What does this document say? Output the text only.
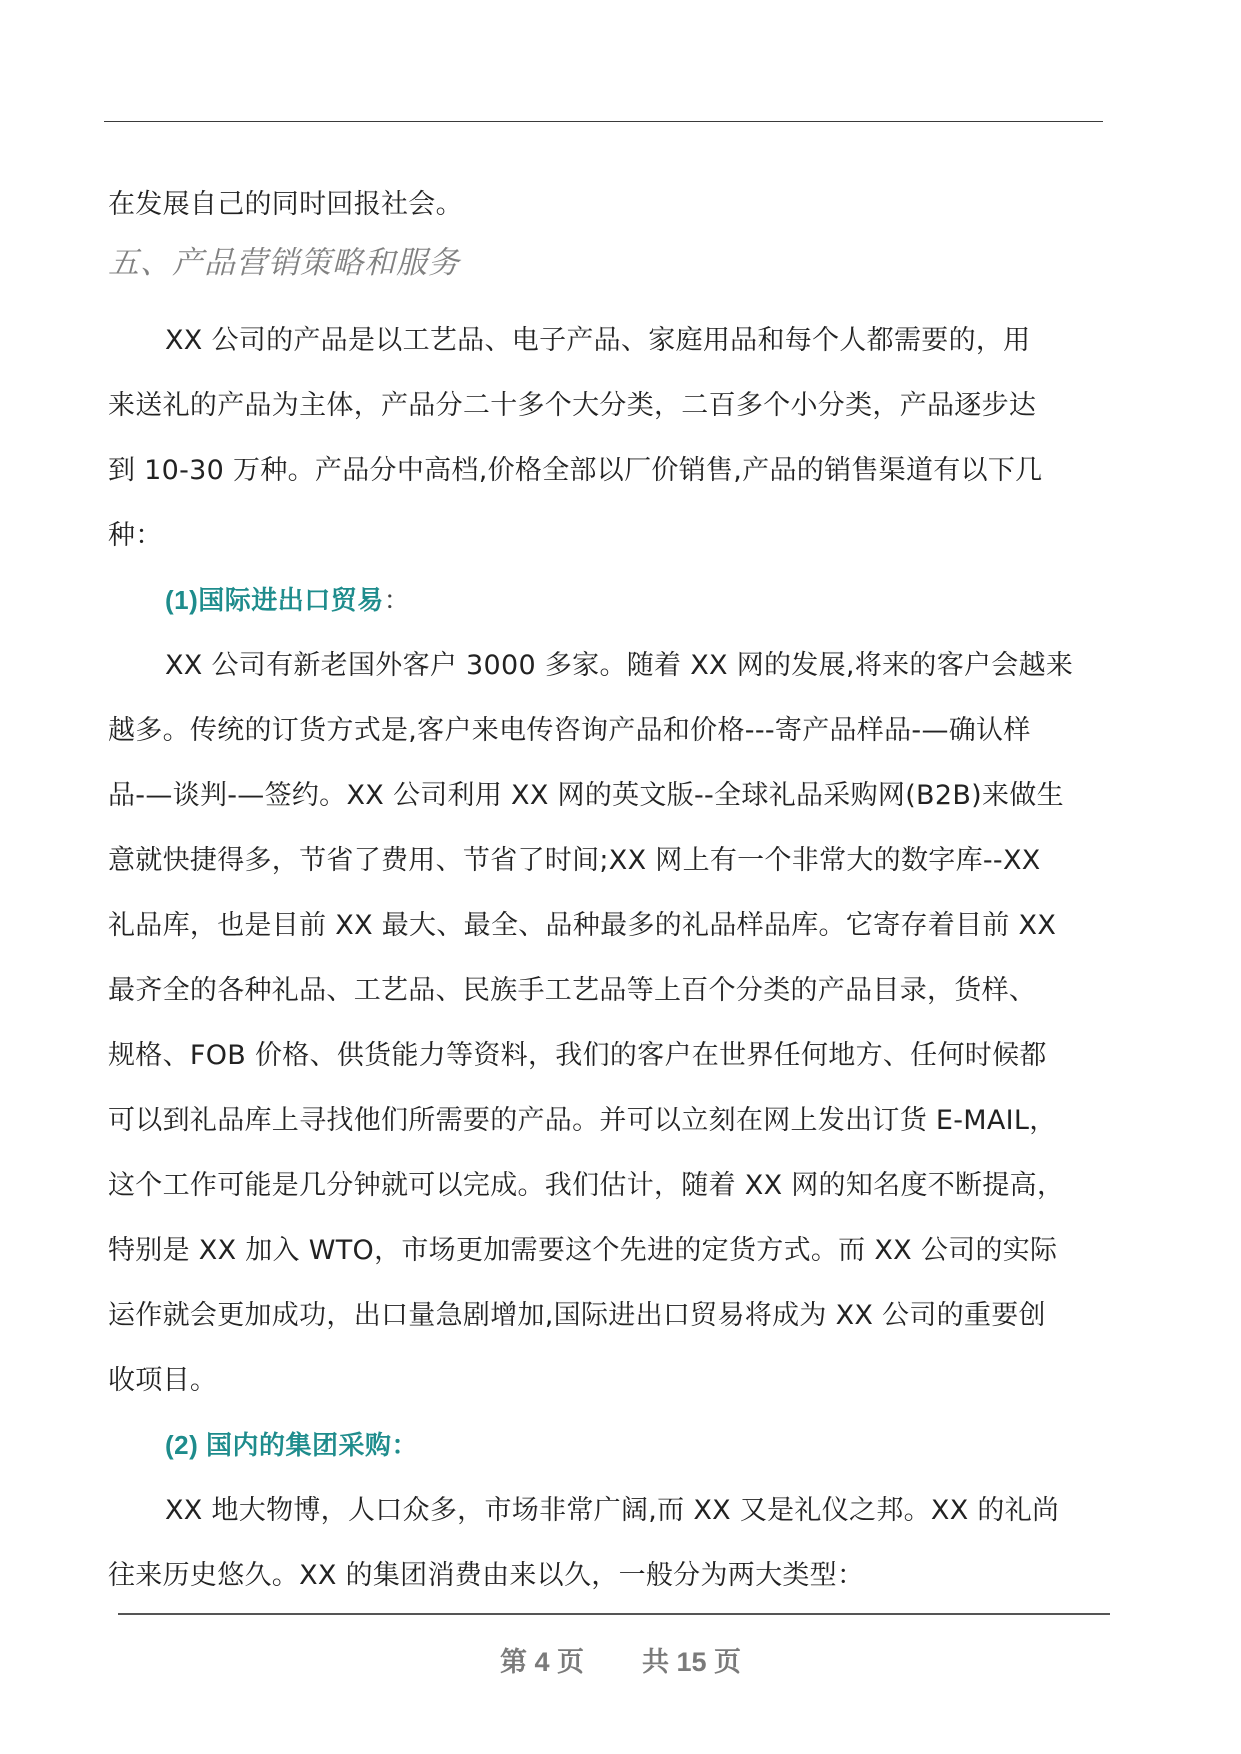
在发展自己的同时回报社会。
五、产品营销策略和服务
XX 公司的产品是以工艺品、电子产品、家庭用品和每个人都需要的，用
来送礼的产品为主体，产品分二十多个大分类，二百多个小分类，产品逐步达
到 10-30 万种。产品分中高档,价格全部以厂价销售,产品的销售渠道有以下几
种：
(1)国际进出口贸易：
XX 公司有新老国外客户 3000 多家。随着 XX 网的发展,将来的客户会越来
越多。传统的订货方式是,客户来电传咨询产品和价格---寄产品样品-—确认样
品-—谈判-—签约。XX 公司利用 XX 网的英文版--全球礼品采购网(B2B)来做生
意就快捷得多，节省了费用、节省了时间;XX 网上有一个非常大的数字库--XX
礼品库，也是目前 XX 最大、最全、品种最多的礼品样品库。它寄存着目前 XX
最齐全的各种礼品、工艺品、民族手工艺品等上百个分类的产品目录，货样、
规格、FOB 价格、供货能力等资料，我们的客户在世界任何地方、任何时候都
可以到礼品库上寻找他们所需要的产品。并可以立刻在网上发出订货 E-MAIL，
这个工作可能是几分钟就可以完成。我们估计，随着 XX 网的知名度不断提高，
特别是 XX 加入 WTO，市场更加需要这个先进的定货方式。而 XX 公司的实际
运作就会更加成功，出口量急剧增加,国际进出口贸易将成为 XX 公司的重要创
收项目。
(2) 国内的集团采购：
XX 地大物博，人口众多，市场非常广阔,而 XX 又是礼仪之邦。XX 的礼尚
往来历史悠久。XX 的集团消费由来以久，一般分为两大类型：
第 4 页 共 15 页
